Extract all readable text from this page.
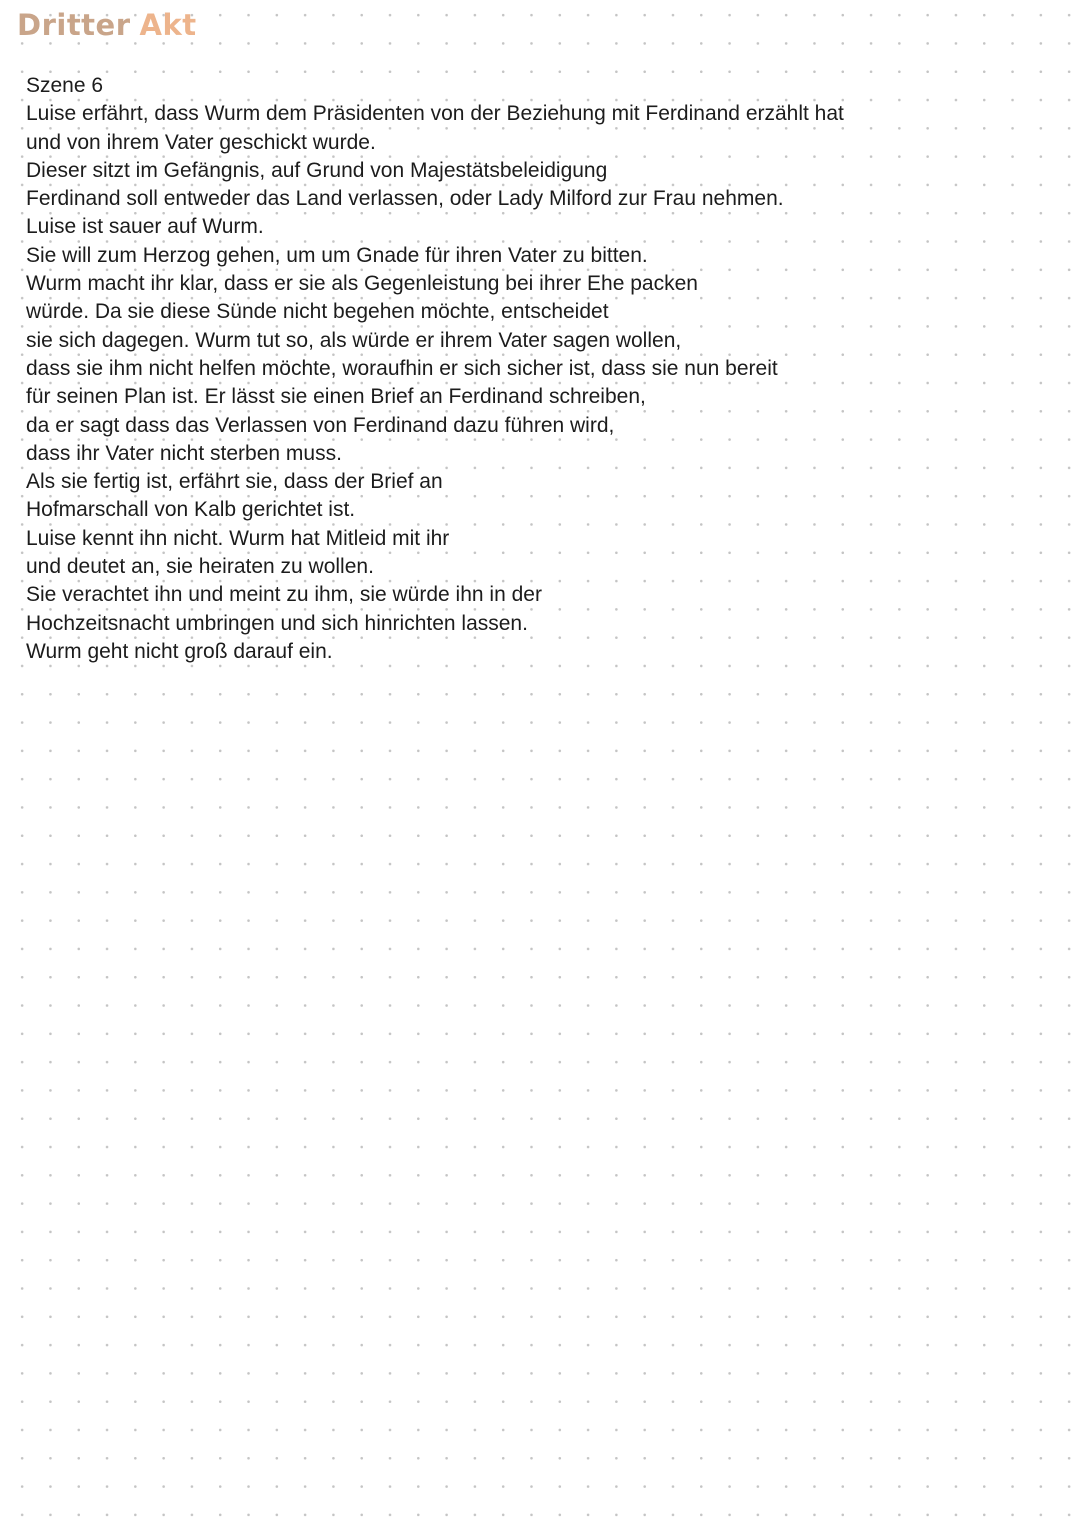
Dritter Akt
Szene 6
Luise erfährt, dass Wurm dem Präsidenten von der Beziehung mit Ferdinand erzählt hat
und von ihrem Vater geschickt wurde.
Dieser sitzt im Gefängnis, auf Grund von Majestätsbeleidigung
Ferdinand soll entweder das Land verlassen, oder Lady Milford zur Frau nehmen.
Luise ist sauer auf Wurm.
Sie will zum Herzog gehen, um um Gnade für ihren Vater zu bitten.
Wurm macht ihr klar, dass er sie als Gegenleistung bei ihrer Ehe packen
würde. Da sie diese Sünde nicht begehen möchte, entscheidet
sie sich dagegen. Wurm tut so, als würde er ihrem Vater sagen wollen,
dass sie ihm nicht helfen möchte, woraufhin er sich sicher ist, dass sie nun bereit
für seinen Plan ist. Er lässt sie einen Brief an Ferdinand schreiben,
da er sagt dass das Verlassen von Ferdinand dazu führen wird,
dass ihr Vater nicht sterben muss.
Als sie fertig ist, erfährt sie, dass der Brief an
Hofmarschall von Kalb gerichtet ist.
Luise kennt ihn nicht. Wurm hat Mitleid mit ihr
und deutet an, sie heiraten zu wollen.
Sie verachtet ihn und meint zu ihm, sie würde ihn in der
Hochzeitsnacht umbringen und sich hinrichten lassen.
Wurm geht nicht groß darauf ein.
